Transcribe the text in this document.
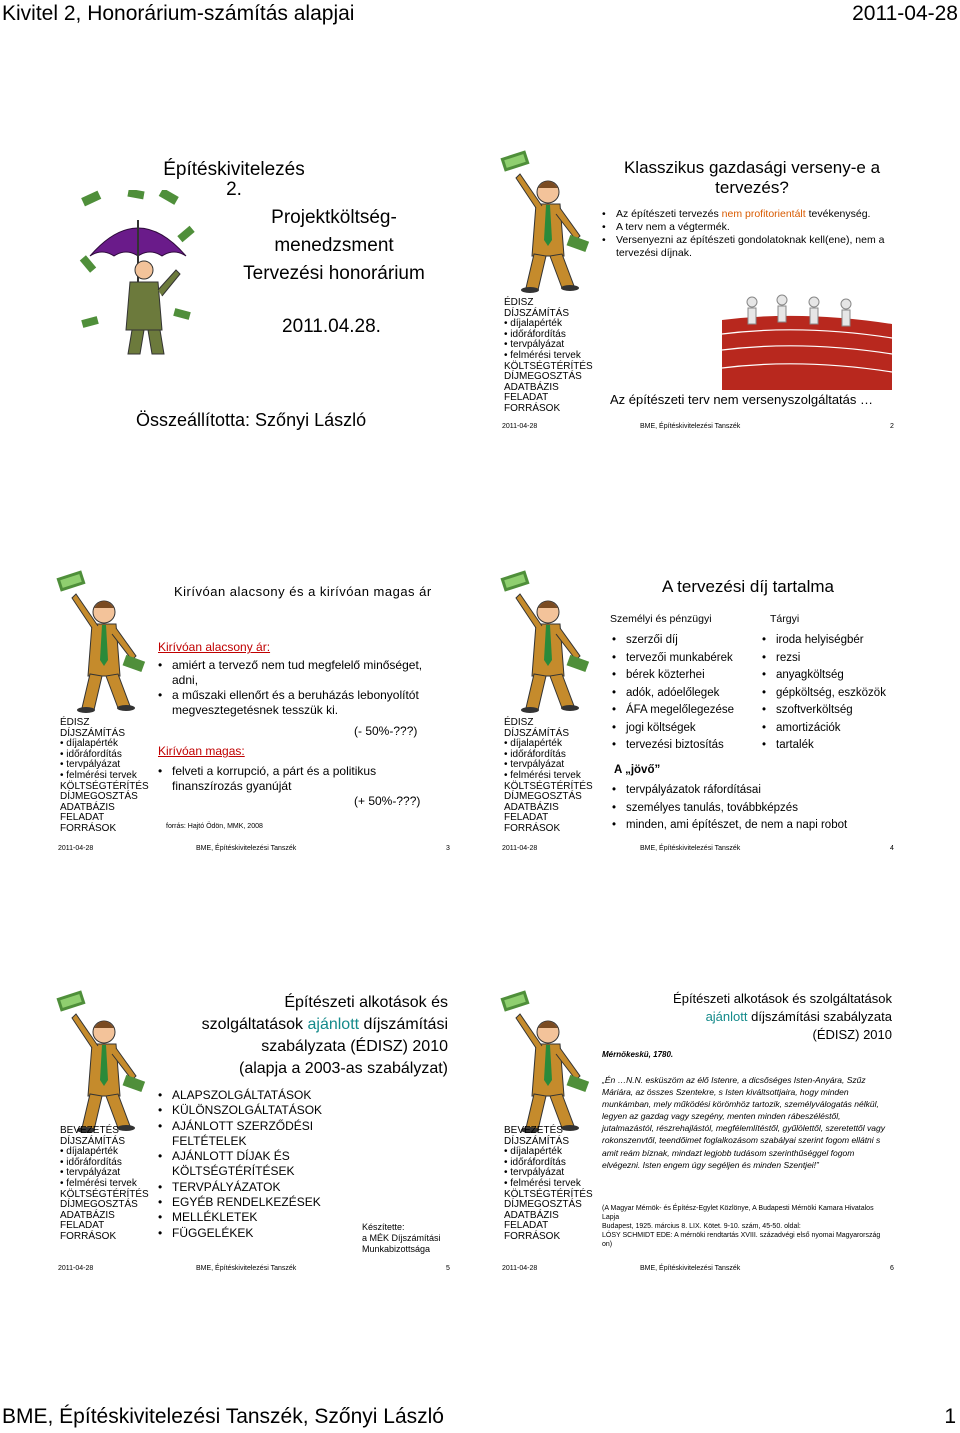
Kivitel 2, Honorárium-számítás alapjai	2011-04-28
Építéskivitelezés 2.
Projektköltség-
menedzsment
Tervezési honorárium
2011.04.28.
Összeállította: Szőnyi László
ÉDISZ
DÍJSZÁMÍTÁS
• díjalapérték
• időráfordítás
• tervpályázat
• felmérési tervek
KÖLTSÉGTÉRÍTÉS
DÍJMEGOSZTÁS
ADATBÁZIS
FELADAT
FORRÁSOK
Klasszikus gazdasági verseny-e a tervezés?
• Az építészeti tervezés nem profitorientált tevékenység.
• A terv nem a végtermék.
• Versenyezni az építészeti gondolatoknak kell(ene), nem a tervezési díjnak.
Az építészeti terv nem versenyszolgáltatás …
2011-04-28	BME, Építéskivitelezési Tanszék	2
ÉDISZ
DÍJSZÁMÍTÁS
• díjalapérték
• időráfordítás
• tervpályázat
• felmérési tervek
KÖLTSÉGTÉRÍTÉS
DÍJMEGOSZTÁS
ADATBÁZIS
FELADAT
FORRÁSOK
Kirívóan alacsony és a kirívóan magas ár
Kirívóan alacsony ár:
• amiért a tervező nem tud megfelelő minőséget, adni,
• a műszaki ellenőrt és a beruházás lebonyolítót megvesztegetésnek tesszük ki.
(- 50%-???)
Kirívóan magas:
• felveti a korrupció, a párt és a politikus finanszírozás gyanúját
(+ 50%-???)
forrás: Hajtó Ödön, MMK, 2008
2011-04-28	BME, Építéskivitelezési Tanszék	3
ÉDISZ
DÍJSZÁMÍTÁS
• díjalapérték
• időráfordítás
• tervpályázat
• felmérési tervek
KÖLTSÉGTÉRÍTÉS
DÍJMEGOSZTÁS
ADATBÁZIS
FELADAT
FORRÁSOK
A tervezési díj tartalma
Személyi és pénzügyi	Tárgyi
• szerzői díj
• tervezői munkabérek
• bérek közterhei
• adók, adóelőlegek
• ÁFA megelőlegezése
• jogi költségek
• tervezési biztosítás
• iroda helyiségbér
• rezsi
• anyagköltség
• gépköltség, eszközök
• szoftverköltség
• amortizációk
• tartalék
A „jövő”
• tervpályázatok ráfordításai
• személyes tanulás, továbbképzés
• minden, ami építészet, de nem a napi robot
2011-04-28	BME, Építéskivitelezési Tanszék	4
BEVEZETÉS
DÍJSZÁMÍTÁS
• díjalapérték
• időráfordítás
• tervpályázat
• felmérési tervek
KÖLTSÉGTÉRÍTÉS
DÍJMEGOSZTÁS
ADATBÁZIS
FELADAT
FORRÁSOK
Építészeti alkotások és
szolgáltatások ajánlott díjszámítási
szabályzata (ÉDISZ) 2010
(alapja a 2003-as szabályzat)
• ALAPSZOLGÁLTATÁSOK
• KÜLÖNSZOLGÁLTATÁSOK
• AJÁNLOTT SZERZŐDÉSI FELTÉTELEK
• AJÁNLOTT DÍJAK ÉS KÖLTSÉGTÉRÍTÉSEK
• TERVPÁLYÁZATOK
• EGYÉB RENDELKEZÉSEK
• MELLÉKLETEK
• FÜGGELÉKEK	Készítette:
a MÉK Díjszámítási
Munkabizottsága
2011-04-28	BME, Építéskivitelezési Tanszék	5
BEVEZETÉS
DÍJSZÁMÍTÁS
• díjalapérték
• időráfordítás
• tervpályázat
• felmérési tervek
KÖLTSÉGTÉRÍTÉS
DÍJMEGOSZTÁS
ADATBÁZIS
FELADAT
FORRÁSOK
Építészeti alkotások és szolgáltatások
ajánlott díjszámítási szabályzata
(ÉDISZ) 2010
Mérnökeskü, 1780.
„Én …N.N. esküszöm az élő Istenre, a dicsőséges Isten-Anyára, Szűz Máriára, az összes Szentekre, s Isten kiváltsottjaira, hogy minden munkámban, mely működési körömhöz tartozik, személyválogatás nélkül, legyen az gazdag vagy szegény, menten minden rábeszéléstől, jutalmazástól, részrehajlástól, megfélemlítéstől, gyűlölettől, szeretettől vagy rokonszenvtől, teendőimet foglalkozásom szabályai szerint fogom ellátni s amit reám bíznak, mindazt legjobb tudásom szerinthűséggel fogom elvégezni. Isten engem úgy segéljen és minden Szentjei!”
(A Magyar Mérnök- és Építész-Egylet Közlönye, A Budapesti Mérnöki Kamara Hivatalos Lapja
Budapest, 1925. március 8. LIX. Kötet. 9-10. szám, 45-50. oldal:
LÓSY SCHMIDT EDE: A mérnöki rendtartás XVIII. századvégi első nyomai Magyarország on)
2011-04-28	BME, Építéskivitelezési Tanszék	6
BME, Építéskivitelezési Tanszék, Szőnyi László	1
